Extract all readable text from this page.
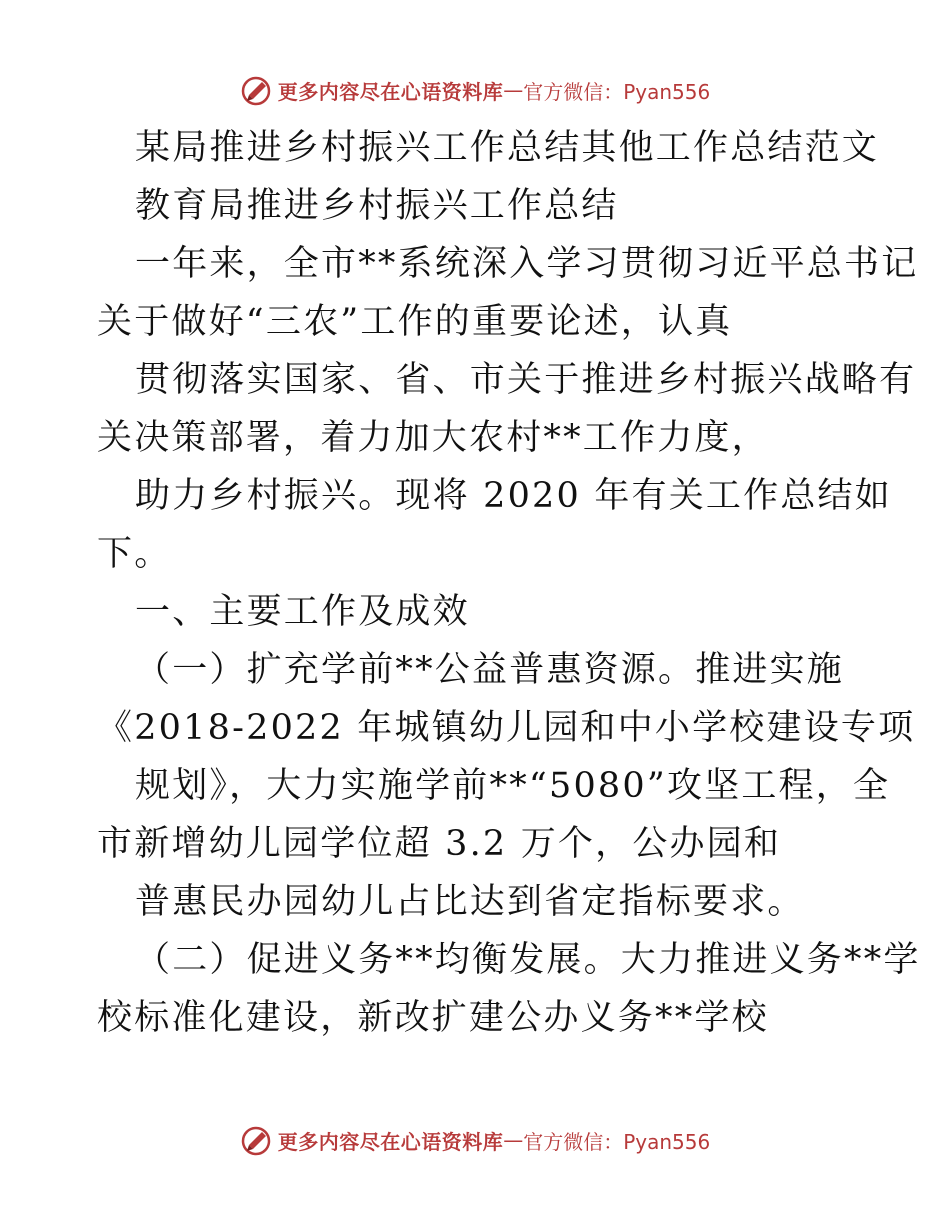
更多内容尽在心语资料库 — 官方微信：Pyan556
某局推进乡村振兴工作总结其他工作总结范文
教育局推进乡村振兴工作总结
一年来，全市**系统深入学习贯彻习近平总书记
关于做好“三农”工作的重要论述，认真
贯彻落实国家、省、市关于推进乡村振兴战略有
关决策部署，着力加大农村**工作力度，
助力乡村振兴。现将 2020 年有关工作总结如
下。
一、主要工作及成效
（一）扩充学前**公益普惠资源。推进实施
《2018-2022 年城镇幼儿园和中小学校建设专项
规划》，大力实施学前**“5080”攻坚工程，全
市新增幼儿园学位超 3.2 万个，公办园和
普惠民办园幼儿占比达到省定指标要求。
（二）促进义务**均衡发展。大力推进义务**学
校标准化建设，新改扩建公办义务**学校
更多内容尽在心语资料库 — 官方微信：Pyan556
